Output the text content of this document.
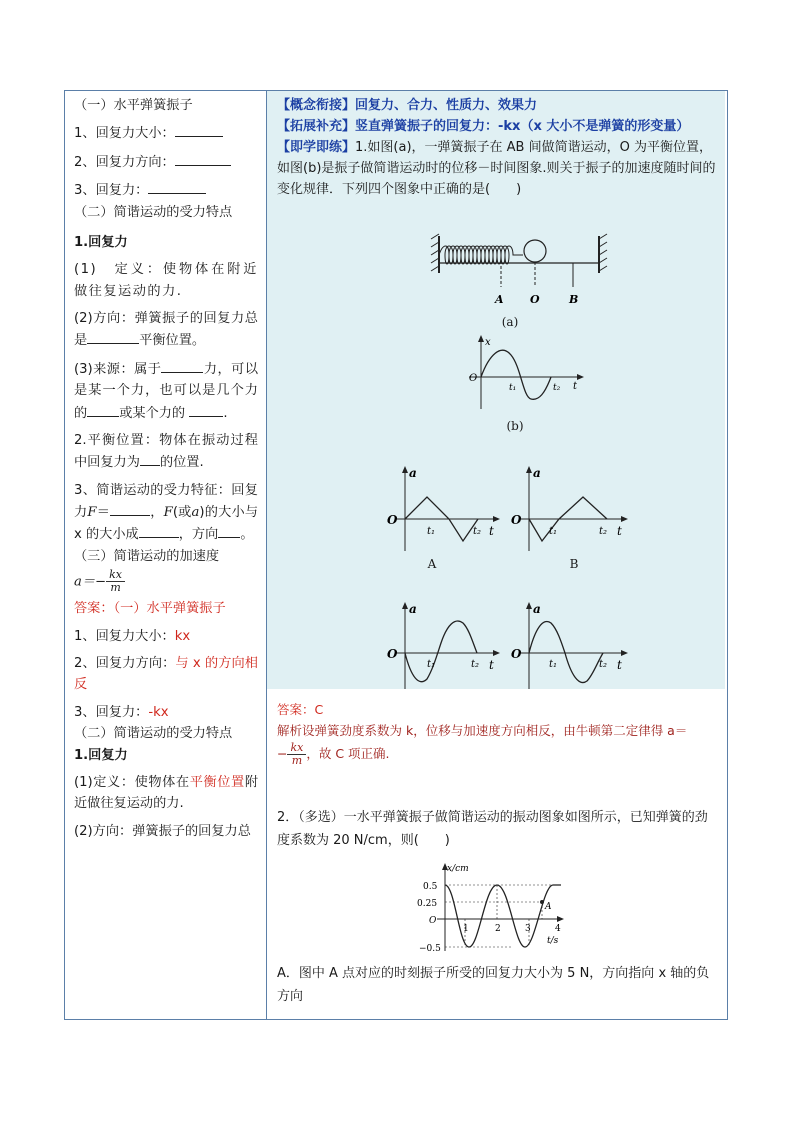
（一）水平弹簧振子
1、回复力大小：
2、回复力方向：
3、回复力：
（二）简谐运动的受力特点
1.回复力
(1)　定义：使物体在附近做往复运动的力.
(2)方向：弹簧振子的回复力总是	平衡位置。
(3)来源：属于	力，可以是某一个力，也可以是几个力的 或某个力的	.
2.平衡位置：物体在振动过程中回复力为 的位置.
3、简谐运动的受力特征：回复力F＝	，F(或a)的大小与 x 的大小成	，方向 。
（三）简谐运动的加速度
$a=- \frac{kx}{m}$
答案：（一）水平弹簧振子
1、回复力大小：kx
2、回复力方向：与 x 的方向相反
3、回复力：-kx
（二）简谐运动的受力特点
1.回复力
(1)定义：使物体在平衡位置附近做往复运动的力.
(2)方向：弹簧振子的回复力总

【概念衔接】回复力、合力、性质力、效果力

【拓展补充】竖直弹簧振子的回复力：-kx（x 大小不是弹簧的形变量）

【即学即练】1.如图(a)，一弹簧振子在 AB 间做简谐运动，O 为平衡位置，如图(b)是振子做简谐运动时的位移－时间图象.则关于振子的加速度随时间的变化规律．下列四个图象中正确的是(　　)

A O	B
(a)
x
O
t₁	t₂ t
(b)
a
O
t₁	t₂ t
A
a
O
t₁	t₂ t
B
a
O
t₁	t₂ t
a
O
t₁	t₂ t
答案：C
解析设弹簧劲度系数为 k，位移与加速度方向相反，由牛顿第二定律得 a＝
− $\frac{kx}{m}$ ，故 C 项正确.
2．（多选）一水平弹簧振子做简谐运动的振动图象如图所示，已知弹簧的劲度系数为 20 N/cm，则(　　)
x/cm
0.5
0.25
O
−0.5
1	2	3	4
A
t/s
A．图中 A 点对应的时刻振子所受的回复力大小为 5 N，方向指向 x 轴的负方向
